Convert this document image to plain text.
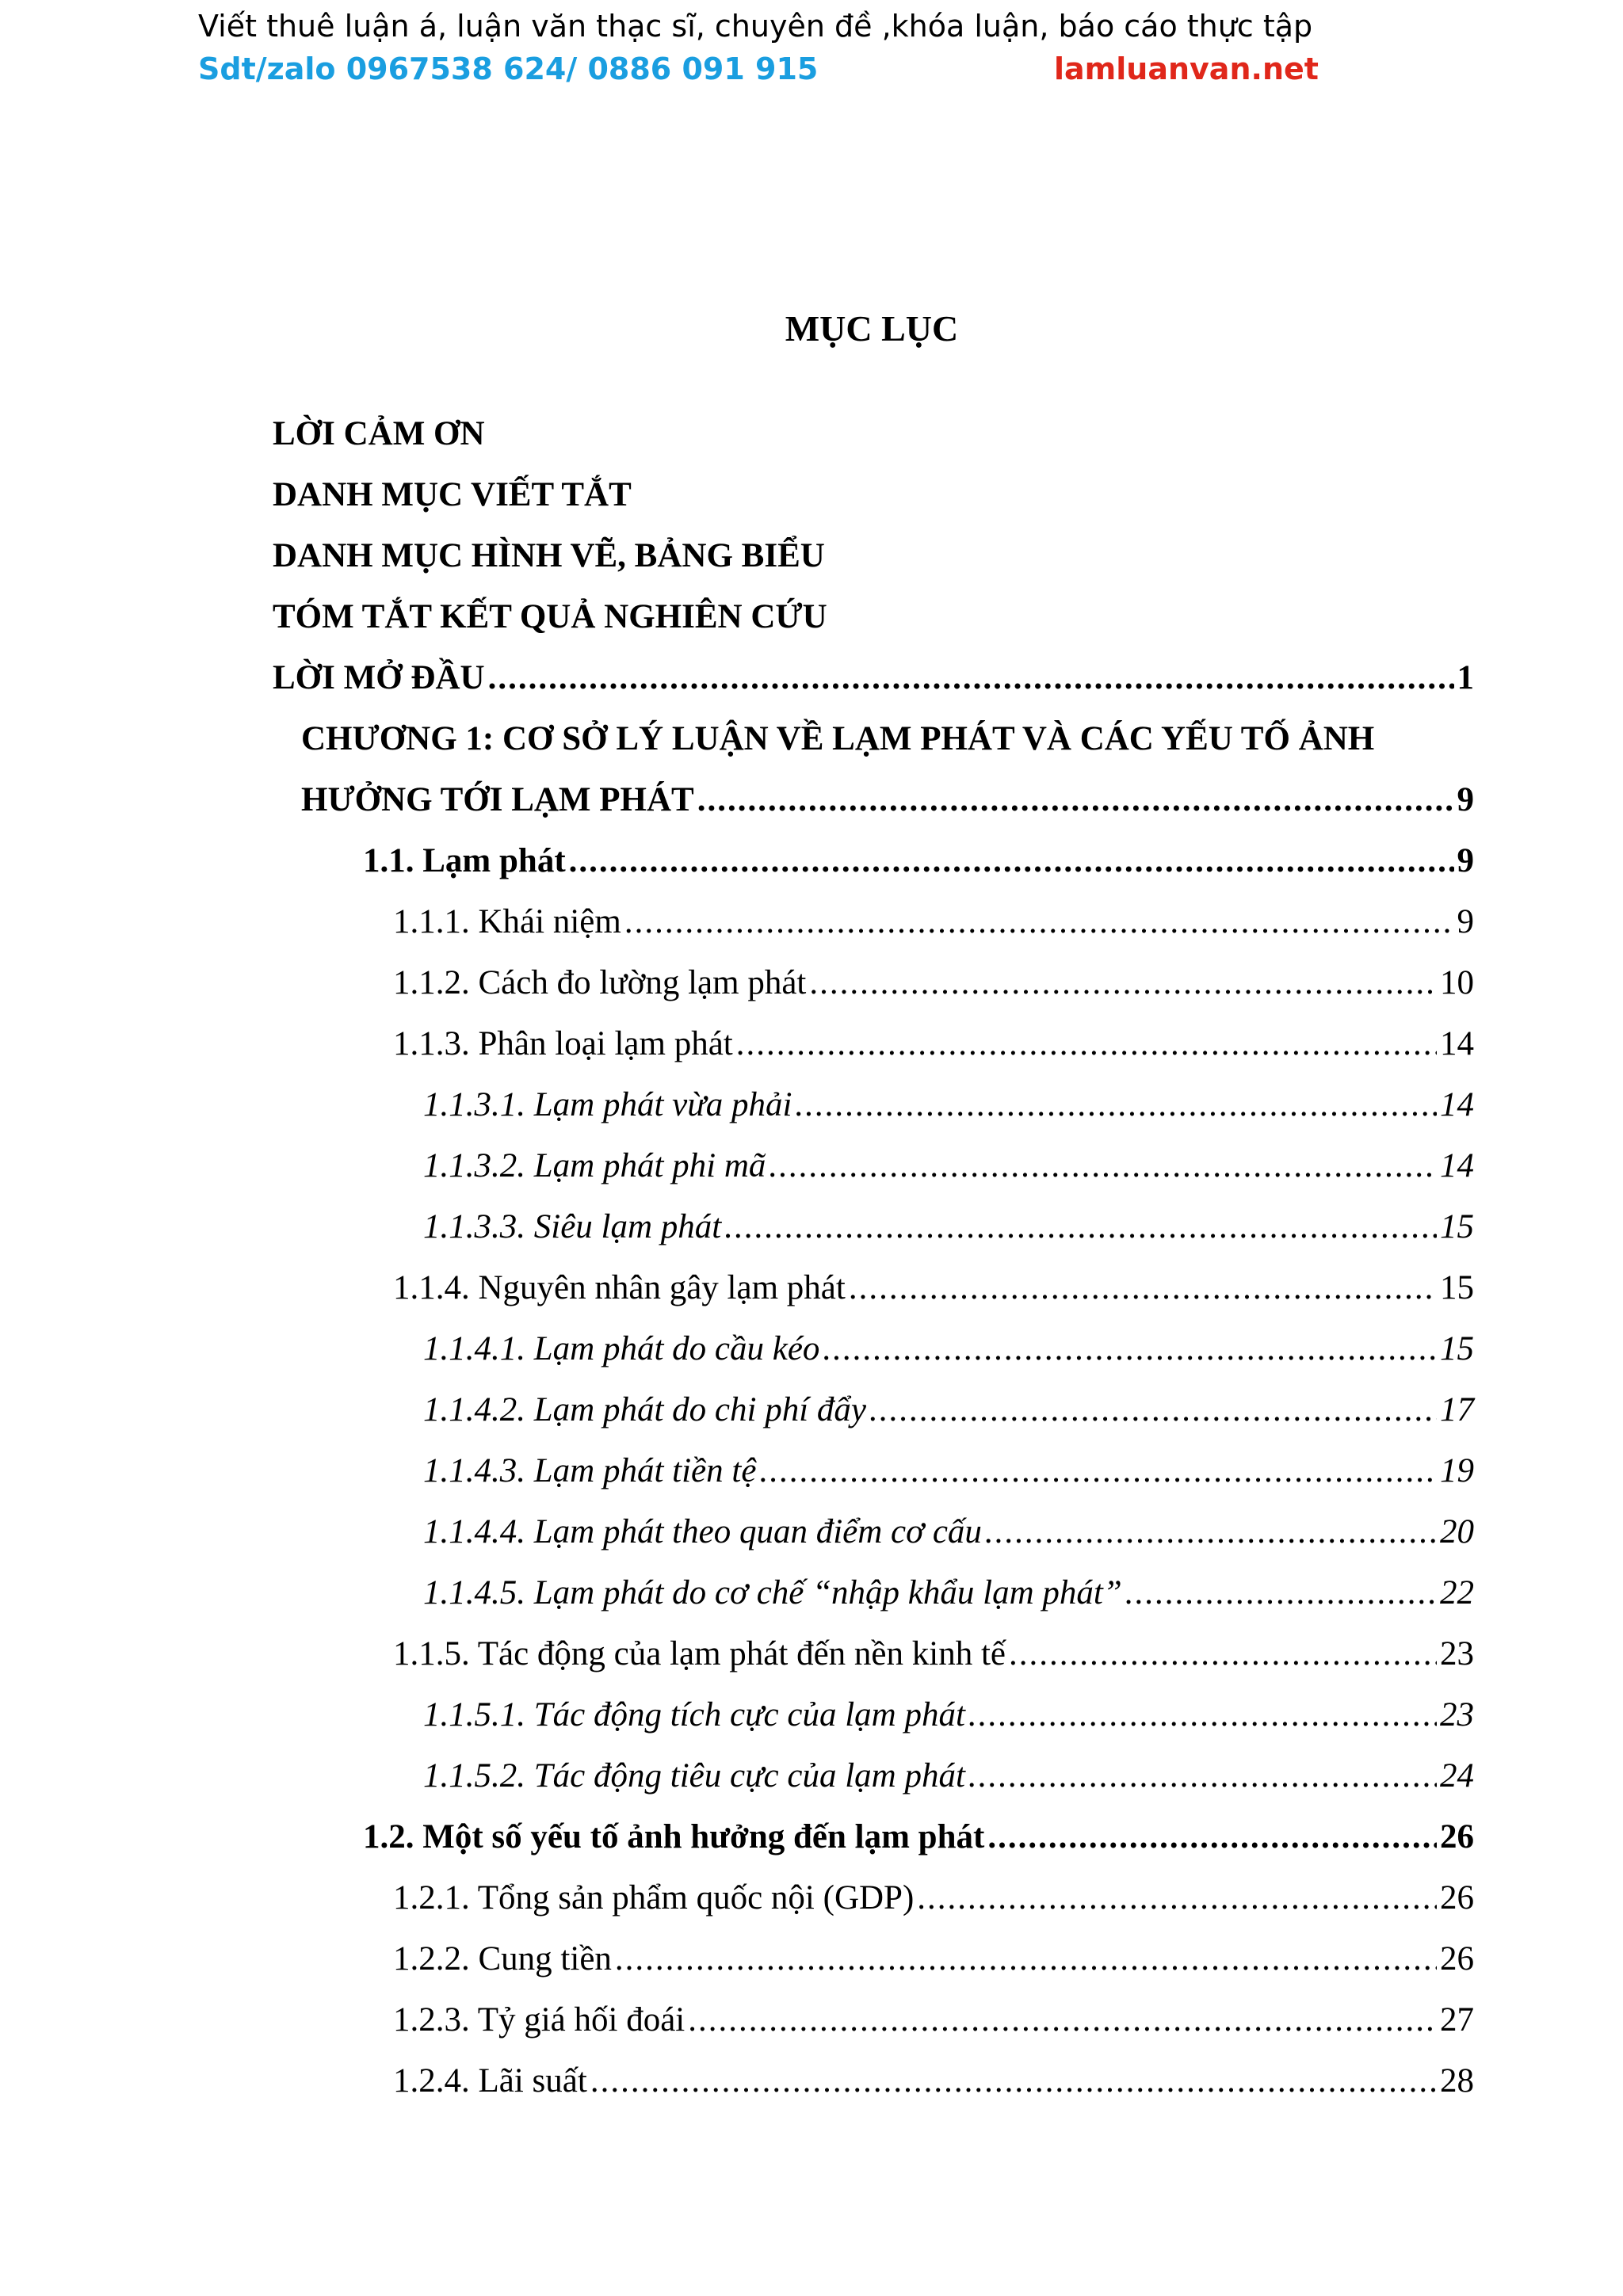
Viết thuê luận á, luận văn thạc sĩ, chuyên đề ,khóa luận, báo cáo thực tập
Sdt/zalo 0967538 624/ 0886 091 915	lamluanvan.net
MỤC LỤC
LỜI CẢM ƠN
DANH MỤC VIẾT TẮT
DANH MỤC HÌNH VẼ, BẢNG BIỂU
TÓM TẮT KẾT QUẢ NGHIÊN CỨU
LỜI MỞ ĐẦU .....	1
CHƯƠNG 1: CƠ SỞ LÝ LUẬN VỀ LẠM PHÁT VÀ CÁC YẾU TỐ ẢNH
HƯỞNG TỚI LẠM PHÁT .....	9
1.1. Lạm phát .....	9
1.1.1. Khái niệm .....	9
1.1.2. Cách đo lường lạm phát .....	10
1.1.3. Phân loại lạm phát .....	14
1.1.3.1. Lạm phát vừa phải .....	14
1.1.3.2. Lạm phát phi mã .....	14
1.1.3.3. Siêu lạm phát .....	15
1.1.4. Nguyên nhân gây lạm phát .....	15
1.1.4.1. Lạm phát do cầu kéo .....	15
1.1.4.2. Lạm phát do chi phí đẩy .....	17
1.1.4.3. Lạm phát tiền tệ .....	19
1.1.4.4. Lạm phát theo quan điểm cơ cấu .....	20
1.1.4.5. Lạm phát do cơ chế “nhập khẩu lạm phát” .....	22
1.1.5. Tác động của lạm phát đến nền kinh tế .....	23
1.1.5.1. Tác động tích cực của lạm phát .....	23
1.1.5.2. Tác động tiêu cực của lạm phát .....	24
1.2. Một số yếu tố ảnh hưởng đến lạm phát .....	26
1.2.1. Tổng sản phẩm quốc nội (GDP) .....	26
1.2.2. Cung tiền .....	26
1.2.3. Tỷ giá hối đoái .....	27
1.2.4. Lãi suất .....	28
